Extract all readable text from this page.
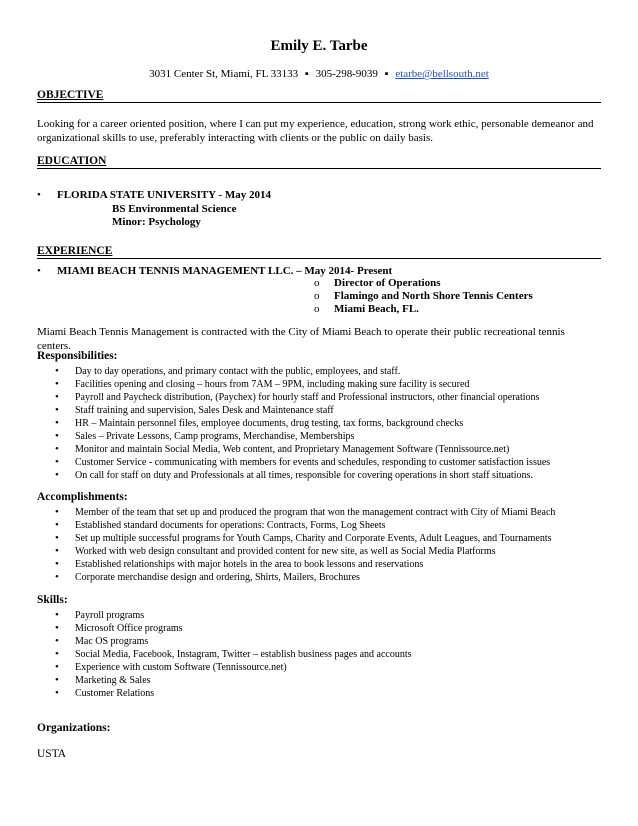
Emily E. Tarbe
3031 Center St, Miami, FL 33133 ▪ 305-298-9039 ▪ etarbe@bellsouth.net
OBJECTIVE
Looking for a career oriented position, where I can put my experience, education, strong work ethic, personable demeanor and organizational skills to use, preferably interacting with clients or the public on daily basis.
EDUCATION
• FLORIDA STATE UNIVERSITY - May 2014
BS Environmental Science
Minor: Psychology
EXPERIENCE
• MIAMI BEACH TENNIS MANAGEMENT LLC. – May 2014- Present
o Director of Operations
o Flamingo and North Shore Tennis Centers
o Miami Beach, FL.
Miami Beach Tennis Management is contracted with the City of Miami Beach to operate their public recreational tennis centers.
Responsibilities:
• Day to day operations, and primary contact with the public, employees, and staff.
• Facilities opening and closing – hours from 7AM – 9PM, including making sure facility is secured
• Payroll and Paycheck distribution, (Paychex) for hourly staff and Professional instructors, other financial operations
• Staff training and supervision, Sales Desk and Maintenance staff
• HR – Maintain personnel files, employee documents, drug testing, tax forms, background checks
• Sales – Private Lessons, Camp programs, Merchandise, Memberships
• Monitor and maintain Social Media, Web content, and Proprietary Management Software (Tennissource.net)
• Customer Service - communicating with members for events and schedules, responding to customer satisfaction issues
• On call for staff on duty and Professionals at all times, responsible for covering operations in short staff situations.
Accomplishments:
• Member of the team that set up and produced the program that won the management contract with City of Miami Beach
• Established standard documents for operations: Contracts, Forms, Log Sheets
• Set up multiple successful programs for Youth Camps, Charity and Corporate Events, Adult Leagues, and Tournaments
• Worked with web design consultant and provided content for new site, as well as Social Media Platforms
• Established relationships with major hotels in the area to book lessons and reservations
• Corporate merchandise design and ordering, Shirts, Mailers, Brochures
Skills:
• Payroll programs
• Microsoft Office programs
• Mac OS programs
• Social Media, Facebook, Instagram, Twitter – establish business pages and accounts
• Experience with custom Software (Tennissource.net)
• Marketing & Sales
• Customer Relations
Organizations:
USTA
